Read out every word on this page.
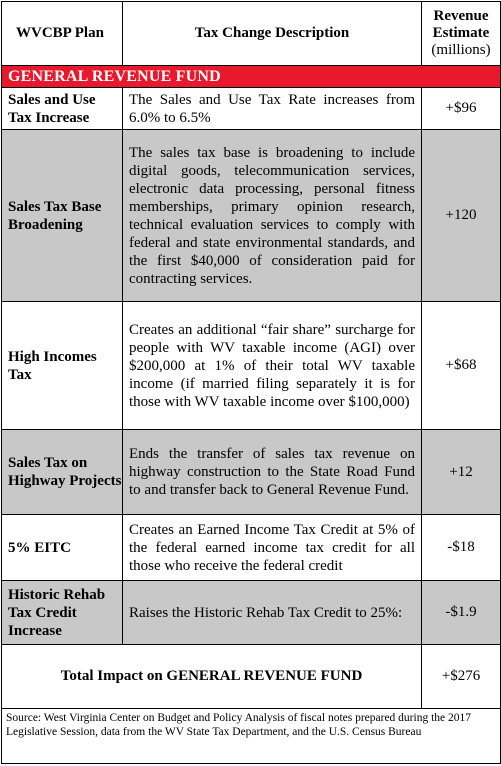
WVCBP Plan	Tax Change Description	Revenue
Estimate
(millions)

GENERAL REVENUE FUND		
Sales and Use Tax Increase	The Sales and Use Tax Rate increases from 6.0% to 6.5%	+$96
Sales Tax Base Broadening	The sales tax base is broadening to include digital goods, telecommunication services, electronic data processing, personal fitness memberships, primary opinion research, technical evaluation services to comply with federal and state environmental standards, and the first $40,000 of consideration paid for contracting services.	+120
High Incomes Tax	Creates an additional “fair share” surcharge for people with WV taxable income (AGI) over $200,000 at 1% of their total WV taxable income (if married filing separately it is for those with WV taxable income over $100,000)	+$68
Sales Tax on Highway Projects	Ends the transfer of sales tax revenue on highway construction to the State Road Fund to and transfer back to General Revenue Fund.	+12
5% EITC	Creates an Earned Income Tax Credit at 5% of the federal earned income tax credit for all those who receive the federal credit	-$18
Historic Rehab Tax Credit Increase	Raises the Historic Rehab Tax Credit to 25%:	-$1.9
Total Impact on GENERAL REVENUE FUND		+$276
Source: West Virginia Center on Budget and Policy Analysis of fiscal notes prepared during the 2017 Legislative Session, data from the WV State Tax Department, and the U.S. Census Bureau		
